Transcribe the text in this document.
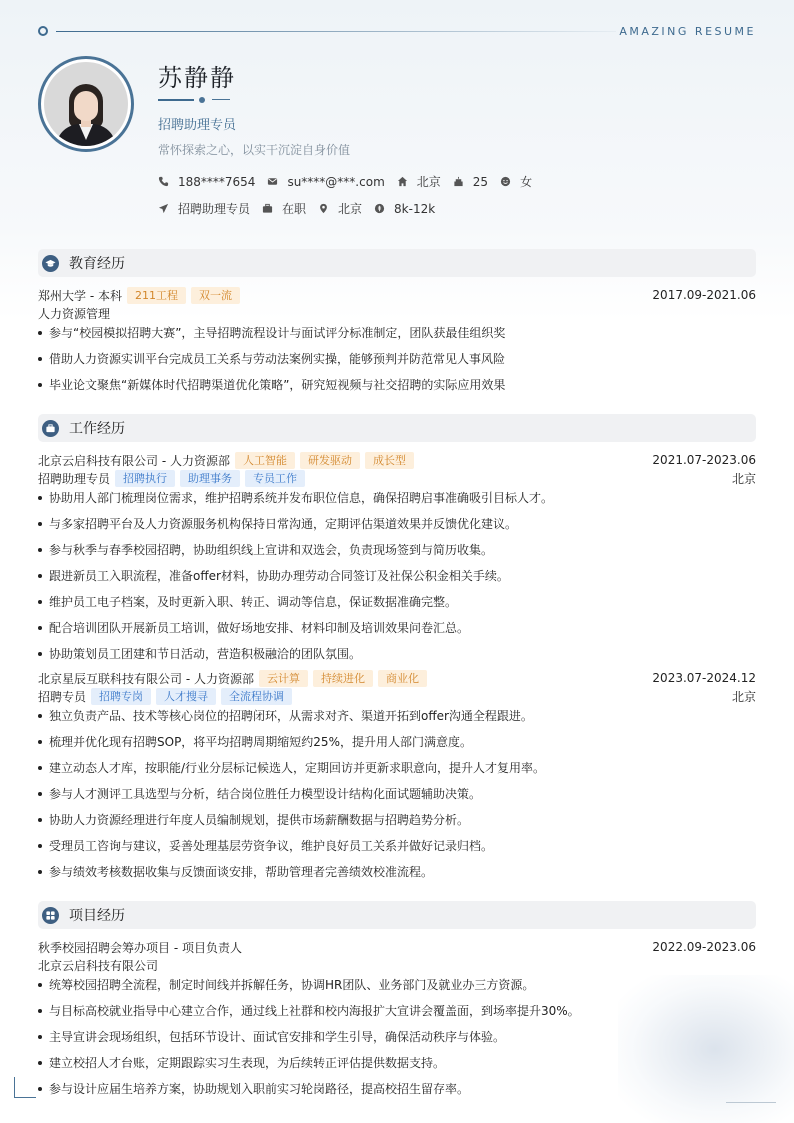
AMAZING RESUME
苏静静
招聘助理专员
常怀探索之心，以实干沉淀自身价值
188****7654	su****@***.com	北京	25	女
招聘助理专员	在职	北京	8k-12k
教育经历
郑州大学 - 本科	211工程	双一流	2017.09-2021.06
人力资源管理
参与“校园模拟招聘大赛”，主导招聘流程设计与面试评分标准制定，团队获最佳组织奖
借助人力资源实训平台完成员工关系与劳动法案例实操，能够预判并防范常见人事风险
毕业论文聚焦“新媒体时代招聘渠道优化策略”，研究短视频与社交招聘的实际应用效果
工作经历
北京云启科技有限公司 - 人力资源部	人工智能	研发驱动	成长型	2021.07-2023.06
招聘助理专员	招聘执行	助理事务	专员工作	北京
协助用人部门梳理岗位需求，维护招聘系统并发布职位信息，确保招聘启事准确吸引目标人才。
与多家招聘平台及人力资源服务机构保持日常沟通，定期评估渠道效果并反馈优化建议。
参与秋季与春季校园招聘，协助组织线上宣讲和双选会，负责现场签到与简历收集。
跟进新员工入职流程，准备offer材料，协助办理劳动合同签订及社保公积金相关手续。
维护员工电子档案，及时更新入职、转正、调动等信息，保证数据准确完整。
配合培训团队开展新员工培训，做好场地安排、材料印制及培训效果问卷汇总。
协助策划员工团建和节日活动，营造积极融洽的团队氛围。
北京星辰互联科技有限公司 - 人力资源部	云计算	持续进化	商业化	2023.07-2024.12
招聘专员	招聘专岗	人才搜寻	全流程协调	北京
独立负责产品、技术等核心岗位的招聘闭环，从需求对齐、渠道开拓到offer沟通全程跟进。
梳理并优化现有招聘SOP，将平均招聘周期缩短约25%，提升用人部门满意度。
建立动态人才库，按职能/行业分层标记候选人，定期回访并更新求职意向，提升人才复用率。
参与人才测评工具选型与分析，结合岗位胜任力模型设计结构化面试题辅助决策。
协助人力资源经理进行年度人员编制规划，提供市场薪酬数据与招聘趋势分析。
受理员工咨询与建议，妥善处理基层劳资争议，维护良好员工关系并做好记录归档。
参与绩效考核数据收集与反馈面谈安排，帮助管理者完善绩效校准流程。
项目经历
秋季校园招聘会筹办项目 - 项目负责人	2022.09-2023.06
北京云启科技有限公司
统筹校园招聘全流程，制定时间线并拆解任务，协调HR团队、业务部门及就业办三方资源。
与目标高校就业指导中心建立合作，通过线上社群和校内海报扩大宣讲会覆盖面，到场率提升30%。
主导宣讲会现场组织，包括环节设计、面试官安排和学生引导，确保活动秩序与体验。
建立校招人才台账，定期跟踪实习生表现，为后续转正评估提供数据支持。
参与设计应届生培养方案，协助规划入职前实习轮岗路径，提高校招生留存率。
